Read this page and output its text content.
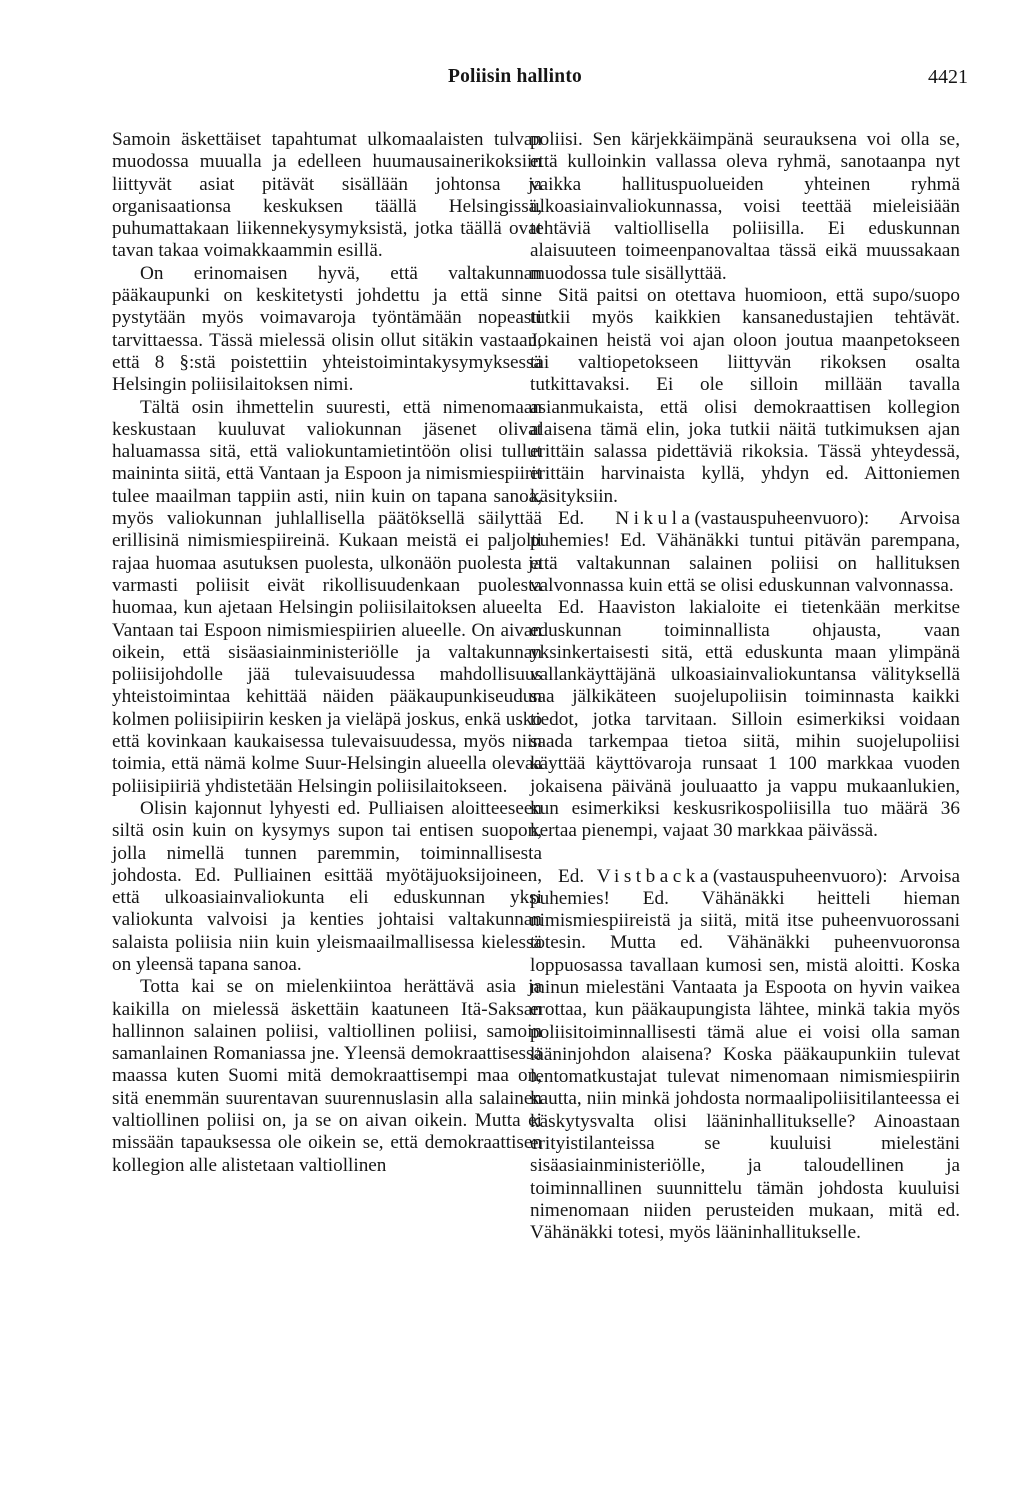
Poliisin hallinto	4421

Samoin äskettäiset tapahtumat ulkomaalaisten tulvan muodossa muualla ja edelleen huumausainerikoksiin liittyvät asiat pitävät sisällään johtonsa ja organisaationsa keskuksen täällä Helsingissä, puhumattakaan liikennekysymyksistä, jotka täällä ovat tavan takaa voimakkaammin esillä.

On erinomaisen hyvä, että valtakunnan pääkaupunki on keskitetysti johdettu ja että sinne pystytään myös voimavaroja työntämään nopeasti tarvittaessa. Tässä mielessä olisin ollut sitäkin vastaan, että 8 §:stä poistettiin yhteistoimintakysymyksessä Helsingin poliisilaitoksen nimi.

Tältä osin ihmettelin suuresti, että nimenomaan keskustaan kuuluvat valiokunnan jäsenet olivat haluamassa sitä, että valiokuntamietintöön olisi tullut maininta siitä, että Vantaan ja Espoon ja nimismiespiirit tulee maailman tappiin asti, niin kuin on tapana sanoa, myös valiokunnan juhlallisella päätöksellä säilyttää erillisinä nimismiespiireinä. Kukaan meistä ei paljolti rajaa huomaa asutuksen puolesta, ulkonäön puolesta ja varmasti poliisit eivät rikollisuudenkaan puolesta huomaa, kun ajetaan Helsingin poliisilaitoksen alueelta Vantaan tai Espoon nimismiespiirien alueelle. On aivan oikein, että sisäasiainministeriölle ja valtakunnan poliisijohdolle jää tulevaisuudessa mahdollisuus yhteistoimintaa kehittää näiden pääkaupunkiseudun kolmen poliisipiirin kesken ja vieläpä joskus, enkä usko että kovinkaan kaukaisessa tulevaisuudessa, myös niin toimia, että nämä kolme Suur-Helsingin alueella olevaa poliisipiiriä yhdistetään Helsingin poliisilaitokseen.

Olisin kajonnut lyhyesti ed. Pulliaisen aloitteeseen siltä osin kuin on kysymys supon tai entisen suopon, jolla nimellä tunnen paremmin, toiminnallisesta johdosta. Ed. Pulliainen esittää myötäjuoksijoineen, että ulkoasiainvaliokunta eli eduskunnan yksi valiokunta valvoisi ja kenties johtaisi valtakunnan salaista poliisia niin kuin yleismaailmallisessa kielessä on yleensä tapana sanoa.

Totta kai se on mielenkiintoa herättävä asia ja kaikilla on mielessä äskettäin kaatuneen Itä-Saksan hallinnon salainen poliisi, valtiollinen poliisi, samoin samanlainen Romaniassa jne. Yleensä demokraattisessa maassa kuten Suomi mitä demokraattisempi maa on, sitä enemmän suurentavan suurennuslasin alla salainen valtiollinen poliisi on, ja se on aivan oikein. Mutta ei missään tapauksessa ole oikein se, että demokraattisen kollegion alle alistetaan valtiollinen

poliisi. Sen kärjekkäimpänä seurauksena voi olla se, että kulloinkin vallassa oleva ryhmä, sanotaanpa nyt vaikka hallituspuolueiden yhteinen ryhmä ulkoasiainvaliokunnassa, voisi teettää mieleisiään tehtäviä valtiollisella poliisilla. Ei eduskunnan alaisuuteen toimeenpanovaltaa tässä eikä muussakaan muodossa tule sisällyttää.

Sitä paitsi on otettava huomioon, että supo/suopo tutkii myös kaikkien kansanedustajien tehtävät. Jokainen heistä voi ajan oloon joutua maanpetokseen tai valtiopetokseen liittyvän rikoksen osalta tutkittavaksi. Ei ole silloin millään tavalla asianmukaista, että olisi demokraattisen kollegion alaisena tämä elin, joka tutkii näitä tutkimuksen ajan erittäin salassa pidettäviä rikoksia. Tässä yhteydessä, erittäin harvinaista kyllä, yhdyn ed. Aittoniemen käsityksiin.

Ed. Nikula(vastauspuheenvuoro): Arvoisa puhemies! Ed. Vähänäkki tuntui pitävän parempana, että valtakunnan salainen poliisi on hallituksen valvonnassa kuin että se olisi eduskunnan valvonnassa.

Ed. Haaviston lakialoite ei tietenkään merkitse eduskunnan toiminnallista ohjausta, vaan yksinkertaisesti sitä, että eduskunta maan ylimpänä vallankäyttäjänä ulkoasiainvaliokuntansa välityksellä saa jälkikäteen suojelupoliisin toiminnasta kaikki tiedot, jotka tarvitaan. Silloin esimerkiksi voidaan saada tarkempaa tietoa siitä, mihin suojelupoliisi käyttää käyttövaroja runsaat 1 100 markkaa vuoden jokaisena päivänä jouluaatto ja vappu mukaanlukien, kun esimerkiksi keskusrikospoliisilla tuo määrä 36 kertaa pienempi, vajaat 30 markkaa päivässä.

Ed. Vistbacka(vastauspuheenvuoro): Arvoisa puhemies! Ed. Vähänäkki heitteli hieman nimismiespiireistä ja siitä, mitä itse puheenvuorossani totesin. Mutta ed. Vähänäkki puheenvuoronsa loppuosassa tavallaan kumosi sen, mistä aloitti. Koska minun mielestäni Vantaata ja Espoota on hyvin vaikea erottaa, kun pääkaupungista lähtee, minkä takia myös poliisitoiminnallisesti tämä alue ei voisi olla saman lääninjohdon alaisena? Koska pääkaupunkiin tulevat lentomatkustajat tulevat nimenomaan nimismiespiirin kautta, niin minkä johdosta normaalipoliisitilanteessa ei käskytysvalta olisi lääninhallitukselle? Ainoastaan erityistilanteissa se kuuluisi mielestäni sisäasiainministeriölle, ja taloudellinen ja toiminnallinen suunnittelu tämän johdosta kuuluisi nimenomaan niiden perusteiden mukaan, mitä ed. Vähänäkki totesi, myös lääninhallitukselle.
